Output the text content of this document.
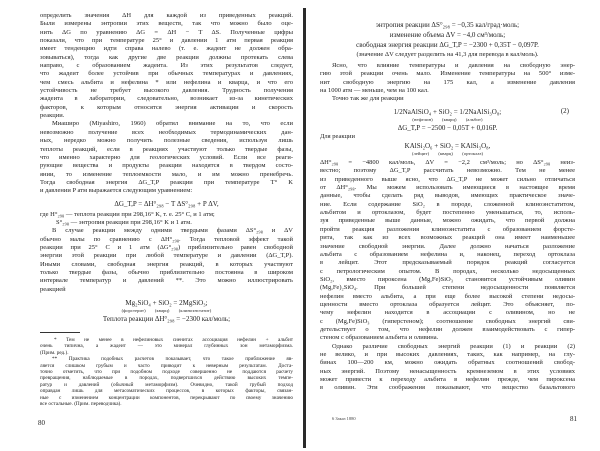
определить значения ΔH для каждой из приведенных реакций.
Были измерены энтропии этих веществ, так что можно было оце-
нить ΔG по уравнению ΔG = ΔH − T ΔS. Полученные цифры
показали, что при температуре 25° и давлении 1 атм первая реакция
имеет тенденцию идти справа налево (т. е. жадеит не должен обра-
зовываться), тогда как другие две реакции должны протекать слева
направо, с образованием жадеита. Из этих результатов следует,
что жадеит более устойчив при обычных температурах и давлениях,
чем смесь альбита и нефелина * или нефелина и кварца, и что его
устойчивость не требует высокого давления. Трудность получения
жадеита в лаборатории, следовательно, возникает из-за кинетических
факторов, к которым относятся энергия активации и скорость
реакции.
Миаширо (Miyashiro, 1960) обратил внимание на то, что если
невозможно получение всех необходимых термодинамических дан-
ных, нередко можно получить полезные сведения, используя лишь
теплоты реакций, если в реакциях участвуют только твердые фазы,
что именно характерно для геологических условий. Если все реаги-
рующие вещества и продукты реакции находятся в твердом состо-
янии, то изменение теплоемкости мало, и им можно пренебречь.
Тогда свободная энергия ΔG_T,P реакции при температуре T° K
и давлении P атм выражается следующим уравнением:
ΔG_T,P = ΔH°₂₉₈ − T ΔS°₂₉₈ + P ΔV,
где H°₂₉₈ — теплота реакции при 298,16° K, т. е. 25° C, и 1 атм;
S°₂₉₈ — энтропия реакции при 298,16° K и 1 атм.
В случае реакции между одними твердыми фазами ΔS°₂₉₈ и ΔV
обычно малы по сравнению с ΔH°₂₉₈. Тогда тепловой эффект такой
реакции при 25° C и 1 атм (ΔG°₂₉₈) приблизительно равен свободной
энергии этой реакции при любой температуре и давлении (ΔG_T,P).
Иными словами, свободная энергия реакций, в которых участвуют
только твердые фазы, обычно приблизительно постоянна в широком
интервале температур и давлений **. Это можно иллюстрировать
реакцией
Mg₂SiO₄ + SiO₂ = 2MgSiO₃;
(форстерит) (кварц) (клиноэнстатит)
Теплота реакции ΔH°₂₉₈ = −2300 кал/моль;
* Тем не менее в нефелиновых сиенитах ассоциация нефелин + альбит
очень типична, а жадеит — это минерал глубинных зон метаморфизма.
(Прим. ред.).
** Практика подобных расчетов показывает, что такое приближение яв-
ляется слишком грубым и часто приводит к неверным результатам. Доста-
точно отметить, что при подобном подходе совершенно не поддаются расчету
превращения, наблюдаемые в породах, подвергшихся действию высоких темпе-
ратур и давлений (обычный метаморфизм). Очевидно, такой грубый подход
оправдан лишь для метасоматических процессов, в которых факторы, связан-
ные с изменением концентрации компонентов, перекрывают по своему значению
все остальные. (Прим. переводчика).
80
энтропия реакции ΔS°₂₉₈ = −0,35 кал/град·моль;
изменение объема ΔV = −4,0 см³/моль;
свободная энергия реакции ΔG_T,P = −2300 + 0,35T − 0,097P.
(значение ΔV следует разделить на 41,3 для перевода в кал/моль).
Ясно, что влияние температуры и давления на свободную энер-
гию этой реакции очень мало. Изменение температуры на 500° изме-
нит свободную энергию на 175 кал, а изменение давления
на 1000 атм — меньше, чем на 100 кал.
Точно так же для реакции
1/2NaAlSiO₄ + SiO₂ = 1/2NaAlSi₃O₈;	(2)
(нефелин) (кварц) (альбит)
ΔG_T,P = −2500 − 0,05T + 0,016P.
Для реакции
KAlSi₂O₆ + SiO₂ = KAlSi₃O₈,
(лейцит) (кварц) (ортоклаз)
ΔH°₂₉₈ = −4800 кал/моль, ΔV = −2,2 см³/моль; но ΔS°₂₉₈ неиз-
вестно; поэтому ΔG_T,P рассчитать невозможно. Тем не менее
из приведенного выше ясно, что ΔG_T,P не может сильно отличаться
от ΔH°₂₉₈. Мы можем использовать имеющиеся в настоящее время
данные, чтобы сделать ряд выводов, имеющих практическое значе-
ние. Если содержание SiO₂ в породе, сложенной клиноэнстатитом,
альбитом и ортоклазом, будет постепенно уменьшаться, то, исполь-
зуя приведенные выше данные, можно ожидать, что первой должна
пройти реакция разложения клиноэнстатита с образованием форсте-
рита, так как из всех возможных реакций она имеет наименьшее
значение свободной энергии. Далее должно начаться разложение
альбита с образованием нефелина и, наконец, переход ортоклаза
в лейцит. Этот предсказываемый порядок реакций согласуется
с петрологическим опытом. В породах, несколько недосыщенных
SiO₂, вместо пироксена (Mg,Fe)SiO₃ становится устойчивым оливин
(Mg,Fe)₂SiO₄. При большей степени недосыщенности появляется
нефелин вместо альбита, а при еще более высокой степени недосы-
щенности вместо ортоклаза образуется лейцит. Это объясняет, по-
чему нефелин находится в ассоциации с оливином, но не
с (Mg,Fe)SiO₃ (гиперстеном); соотношение свободных энергий сви-
детельствует о том, что нефелин должен взаимодействовать с гипер-
стеном с образованием альбита и оливина.
Однако различие свободных энергий реакции (1) и реакции (2)
не велико, и при высоких давлениях, таких, как например, на глу-
бинах 100—200 км, можно ожидать обратных соотношений свобод-
ных энергий. Поэтому ненасыщенность кремнеземом в этих условиях
может привести к переходу альбита в нефелин прежде, чем пироксена
в оливин. Эти соображения показывают, что вещество базальтового
6 Заказ 1880	81
